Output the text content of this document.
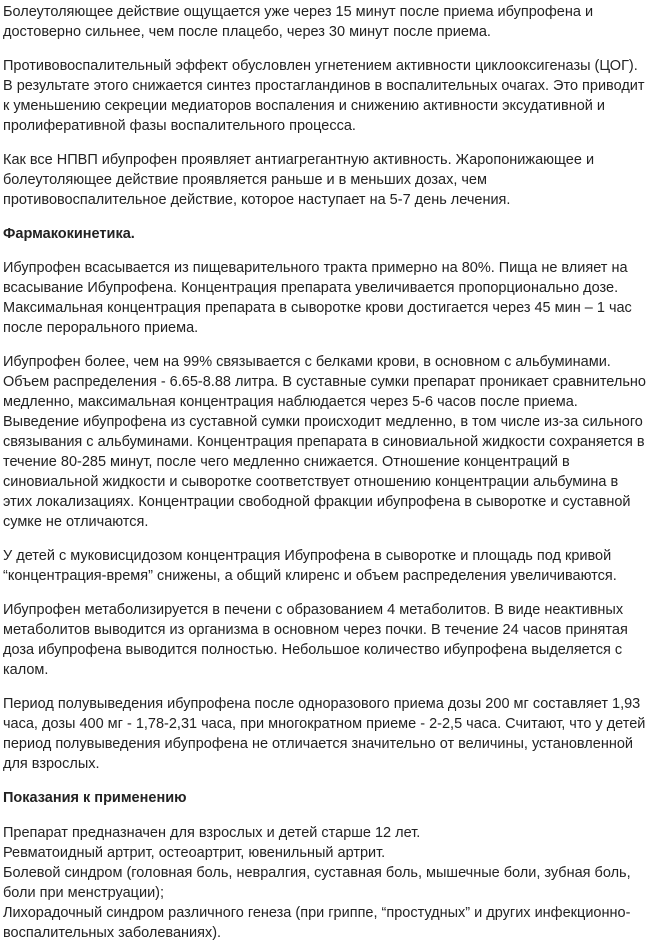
Болеутоляющее действие ощущается уже через 15 минут после приема ибупрофена и достоверно сильнее, чем после плацебо, через 30 минут после приема.

Противовоспалительный эффект обусловлен угнетением активности циклооксигеназы (ЦОГ). В результате этого снижается синтез простагландинов в воспалительных очагах. Это приводит к уменьшению секреции медиаторов воспаления и снижению активности эксудативной и пролиферативной фазы воспалительного процесса.

Как все НПВП ибупрофен проявляет антиагрегантную активность. Жаропонижающее и болеутоляющее действие проявляется раньше и в меньших дозах, чем противовоспалительное действие, которое наступает на 5-7 день лечения.

Фармакокинетика.

Ибупрофен всасывается из пищеварительного тракта примерно на 80%. Пища не влияет на всасывание Ибупрофена. Концентрация препарата увеличивается пропорционально дозе. Максимальная концентрация препарата в сыворотке крови достигается через 45 мин – 1 час после перорального приема.

Ибупрофен более, чем на 99% связывается с белками крови, в основном с альбуминами. Объем распределения - 6.65-8.88 литра. В суставные сумки препарат проникает сравнительно медленно, максимальная концентрация наблюдается через 5-6 часов после приема. Выведение ибупрофена из суставной сумки происходит медленно, в том числе из-за сильного связывания с альбуминами. Концентрация препарата в синовиальной жидкости сохраняется в течение 80-285 минут, после чего медленно снижается. Отношение концентраций в синовиальной жидкости и сыворотке соответствует отношению концентрации альбумина в этих локализациях. Концентрации свободной фракции ибупрофена в сыворотке и суставной сумке не отличаются.

У детей с муковисцидозом концентрация Ибупрофена в сыворотке и площадь под кривой “концентрация-время” снижены, а общий клиренс и объем распределения увеличиваются.

Ибупрофен метаболизируется в печени с образованием 4 метаболитов. В виде неактивных метаболитов выводится из организма в основном через почки. В течение 24 часов принятая доза ибупрофена выводится полностью. Небольшое количество ибупрофена выделяется с калом.

Период полувыведения ибупрофена после одноразового приема дозы 200 мг составляет 1,93 часа, дозы 400 мг - 1,78-2,31 часа, при многократном приеме - 2-2,5 часа. Считают, что у детей период полувыведения ибупрофена не отличается значительно от величины, установленной для взрослых.

Показания к применению
Препарат предназначен для взрослых и детей старше 12 лет.
Ревматоидный артрит, остеоартрит, ювенильный артрит.
Болевой синдром (головная боль, невралгия, суставная боль, мышечные боли, зубная боль, боли при менструации);
Лихорадочный синдром различного генеза (при гриппе, “простудных” и других инфекционно-воспалительных заболеваниях).
